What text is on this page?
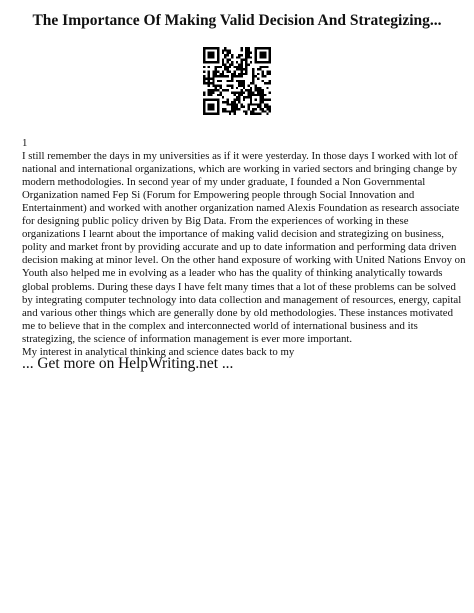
The Importance Of Making Valid Decision And Strategizing...
1

I still remember the days in my universities as if it were yesterday. In those days I worked with lot of
national and international organizations, which are working in varied sectors and bringing change by
modern methodologies. In second year of my under graduate, I founded a Non Governmental
Organization named Fep Si (Forum for Empowering people through Social Innovation and
Entertainment) and worked with another organization named Alexis Foundation as research associate
for designing public policy driven by Big Data. From the experiences of working in these
organizations I learnt about the importance of making valid decision and strategizing on business,
polity and market front by providing accurate and up to date information and performing data driven
decision making at minor level. On the other hand exposure of working with United Nations Envoy on
Youth also helped me in evolving as a leader who has the quality of thinking analytically towards
global problems. During these days I have felt many times that a lot of these problems can be solved
by integrating computer technology into data collection and management of resources, energy, capital
and various other things which are generally done by old methodologies. These instances motivated
me to believe that in the complex and interconnected world of international business and its
strategizing, the science of information management is ever more important.
My interest in analytical thinking and science dates back to my

... Get more on HelpWriting.net ...
